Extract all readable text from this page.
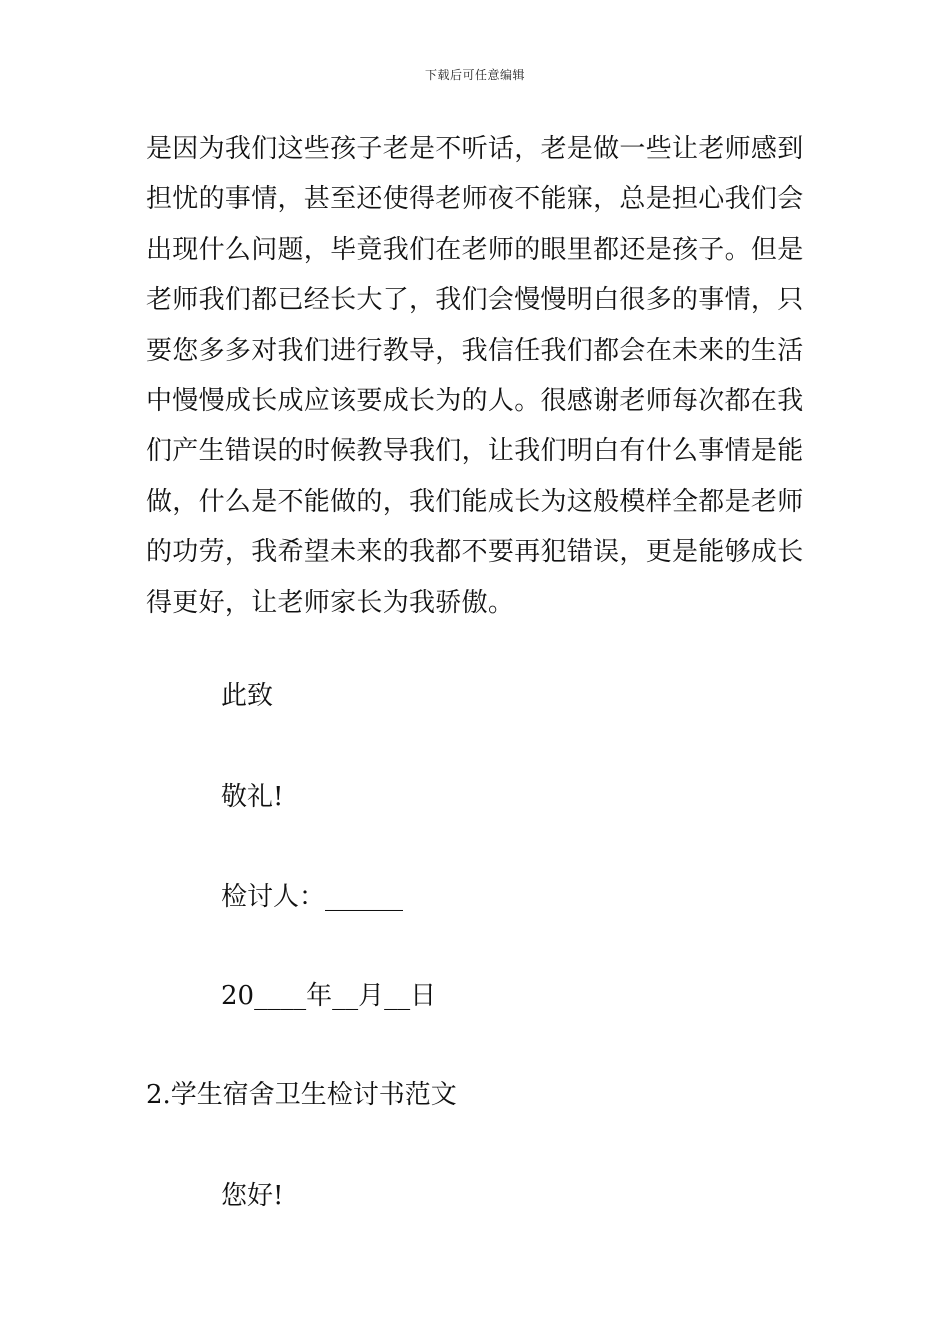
下载后可任意编辑
是因为我们这些孩子老是不听话，老是做一些让老师感到
担忧的事情，甚至还使得老师夜不能寐，总是担心我们会
出现什么问题，毕竟我们在老师的眼里都还是孩子。但是
老师我们都已经长大了，我们会慢慢明白很多的事情，只
要您多多对我们进行教导，我信任我们都会在未来的生活
中慢慢成长成应该要成长为的人。很感谢老师每次都在我
们产生错误的时候教导我们，让我们明白有什么事情是能
做，什么是不能做的，我们能成长为这般模样全都是老师
的功劳，我希望未来的我都不要再犯错误，更是能够成长
得更好，让老师家长为我骄傲。

此致

敬礼!

检讨人：______

20____年__月__日

2.学生宿舍卫生检讨书范文

您好!
